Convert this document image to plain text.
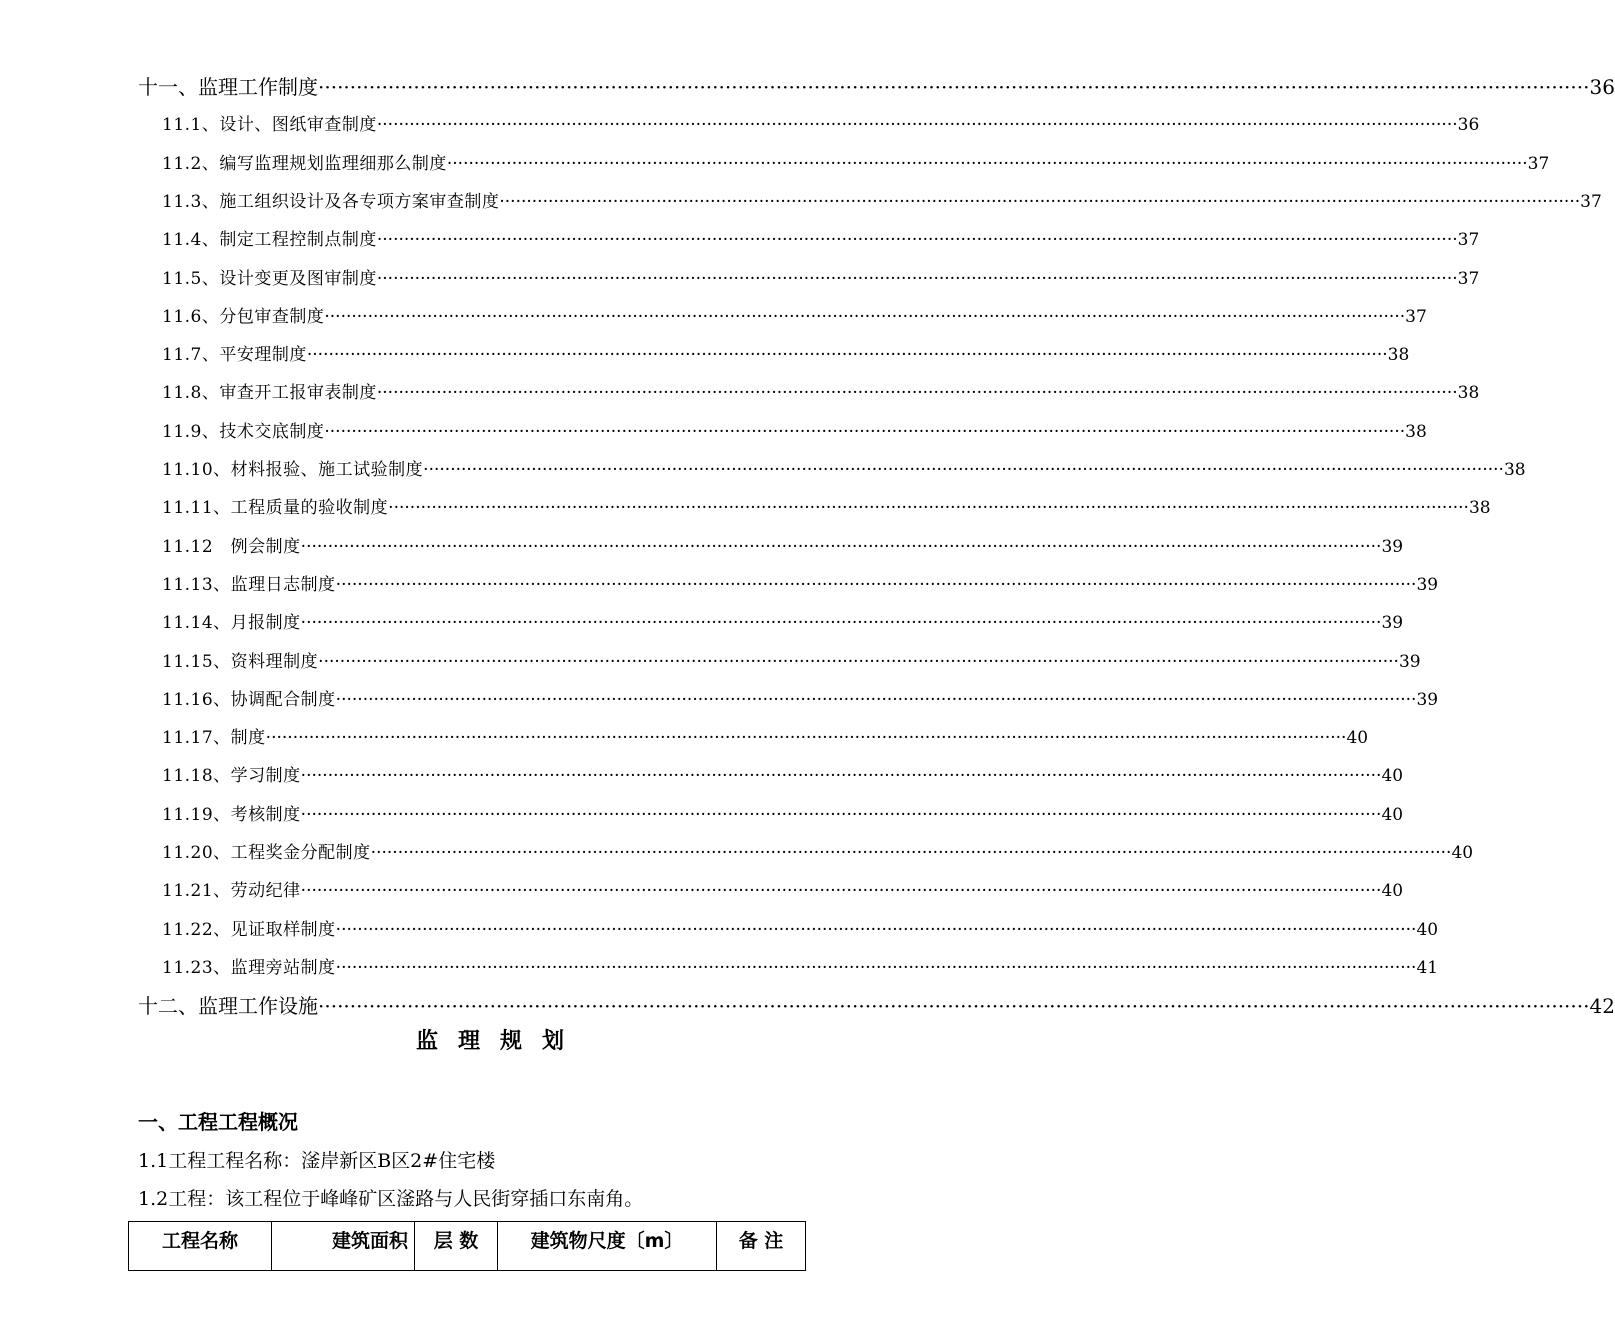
十一、监理工作制度 ········································································································································································································ 36
11.1、设计、图纸审查制度 ········································································································································································································ 36
11.2、编写监理规划监理细那么制度 ········································································································································································································ 37
11.3、施工组织设计及各专项方案审查制度 ········································································································································································································ 37
11.4、制定工程控制点制度 ········································································································································································································ 37
11.5、设计变更及图审制度 ········································································································································································································ 37
11.6、分包审查制度 ········································································································································································································ 37
11.7、平安理制度 ········································································································································································································ 38
11.8、审查开工报审表制度 ········································································································································································································ 38
11.9、技术交底制度 ········································································································································································································ 38
11.10、材料报验、施工试验制度 ········································································································································································································ 38
11.11、工程质量的验收制度 ········································································································································································································ 38
11.12　例会制度 ········································································································································································································ 39
11.13、监理日志制度 ········································································································································································································ 39
11.14、月报制度 ········································································································································································································ 39
11.15、资料理制度 ········································································································································································································ 39
11.16、协调配合制度 ········································································································································································································ 39
11.17、制度 ········································································································································································································ 40
11.18、学习制度 ········································································································································································································ 40
11.19、考核制度 ········································································································································································································ 40
11.20、工程奖金分配制度 ········································································································································································································ 40
11.21、劳动纪律 ········································································································································································································ 40
11.22、见证取样制度 ········································································································································································································ 40
11.23、监理旁站制度 ········································································································································································································ 41
十二、监理工作设施 ········································································································································································································ 42
监理规划
一、工程工程概况
1.1工程工程名称：滏岸新区B区2#住宅楼
1.2工程：该工程位于峰峰矿区滏路与人民街穿插口东南角。
工程名称	建筑面积	层 数	建筑物尺度〔m〕	备 注
